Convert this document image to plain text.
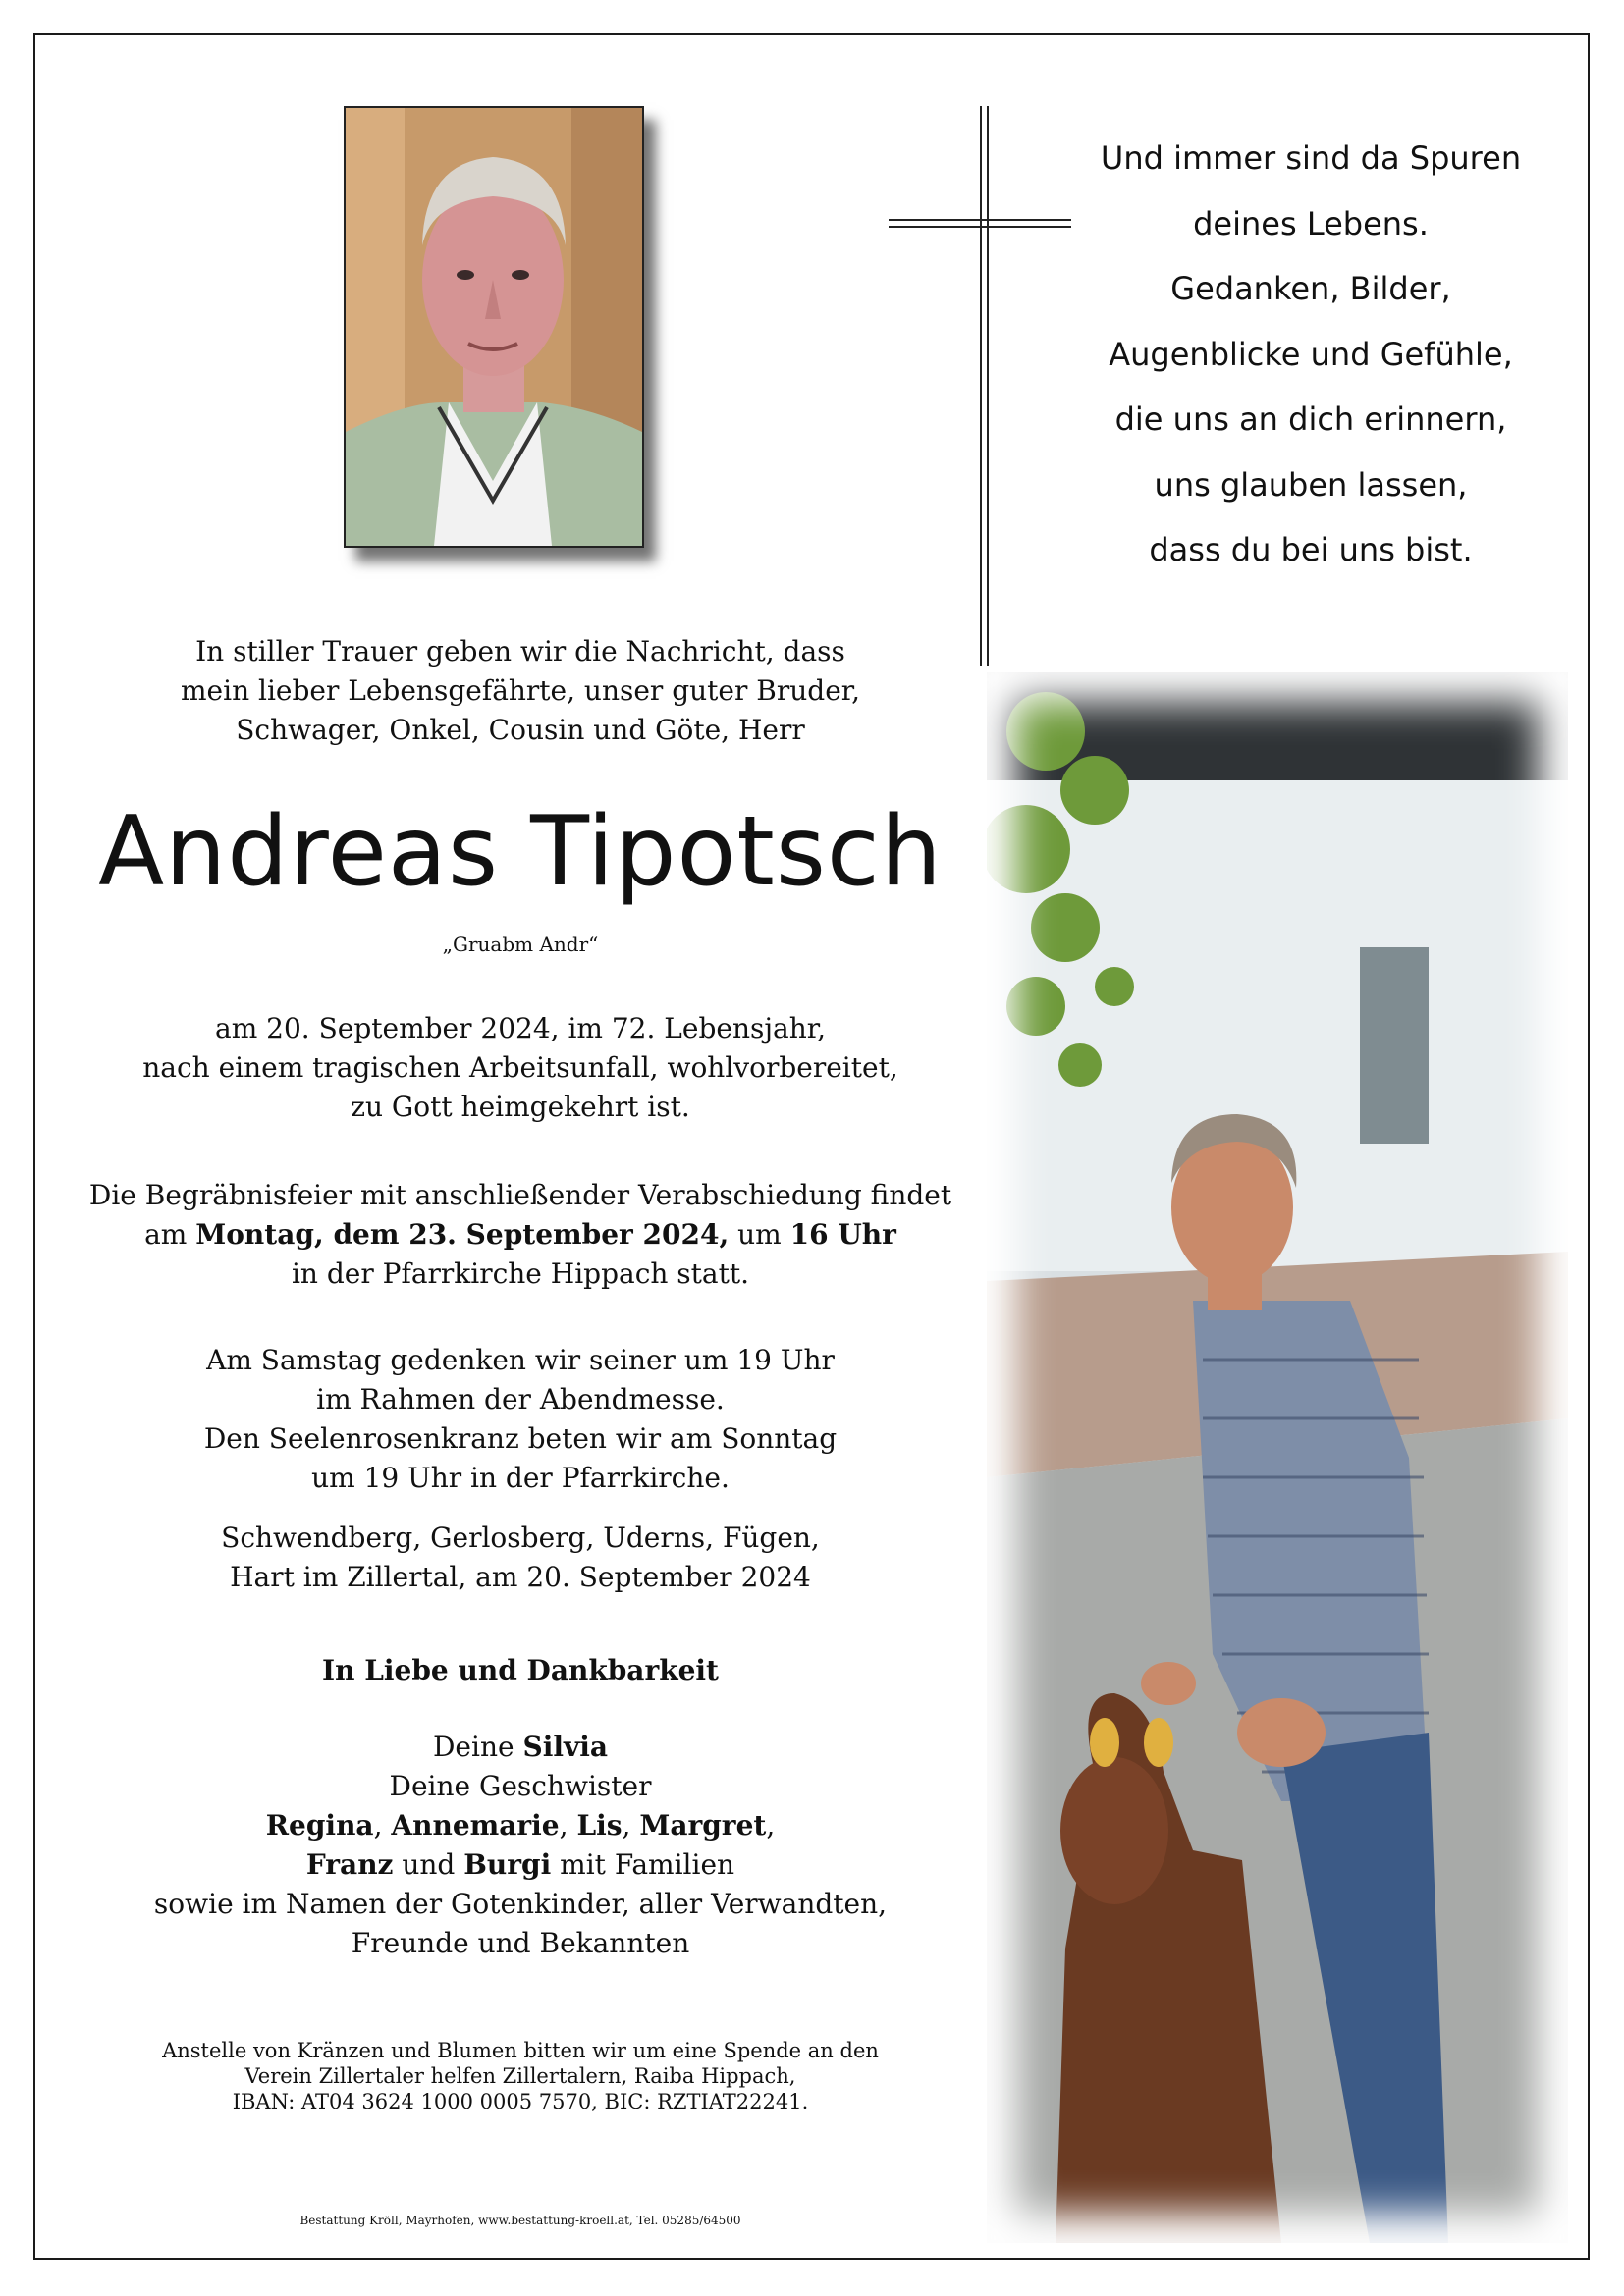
Und immer sind da Spuren
deines Lebens.
Gedanken, Bilder,
Augenblicke und Gefühle,
die uns an dich erinnern,
uns glauben lassen,
dass du bei uns bist.
In stiller Trauer geben wir die Nachricht, dass
mein lieber Lebensgefährte, unser guter Bruder,
Schwager, Onkel, Cousin und Göte, Herr
Andreas Tipotsch
„Gruabm Andr“
am 20. September 2024, im 72. Lebensjahr,
nach einem tragischen Arbeitsunfall, wohlvorbereitet,
zu Gott heimgekehrt ist.
Die Begräbnisfeier mit anschließender Verabschiedung findet
am Montag, dem 23. September 2024, um 16 Uhr
in der Pfarrkirche Hippach statt.
Am Samstag gedenken wir seiner um 19 Uhr
im Rahmen der Abendmesse.
Den Seelenrosenkranz beten wir am Sonntag
um 19 Uhr in der Pfarrkirche.
Schwendberg, Gerlosberg, Uderns, Fügen,
Hart im Zillertal, am 20. September 2024
In Liebe und Dankbarkeit
Deine Silvia
Deine Geschwister
Regina, Annemarie, Lis, Margret,
Franz und Burgi mit Familien
sowie im Namen der Gotenkinder, aller Verwandten,
Freunde und Bekannten
Anstelle von Kränzen und Blumen bitten wir um eine Spende an den
Verein Zillertaler helfen Zillertalern, Raiba Hippach,
IBAN: AT04 3624 1000 0005 7570, BIC: RZTIAT22241.
Bestattung Kröll, Mayrhofen, www.bestattung-kroell.at, Tel. 05285/64500
